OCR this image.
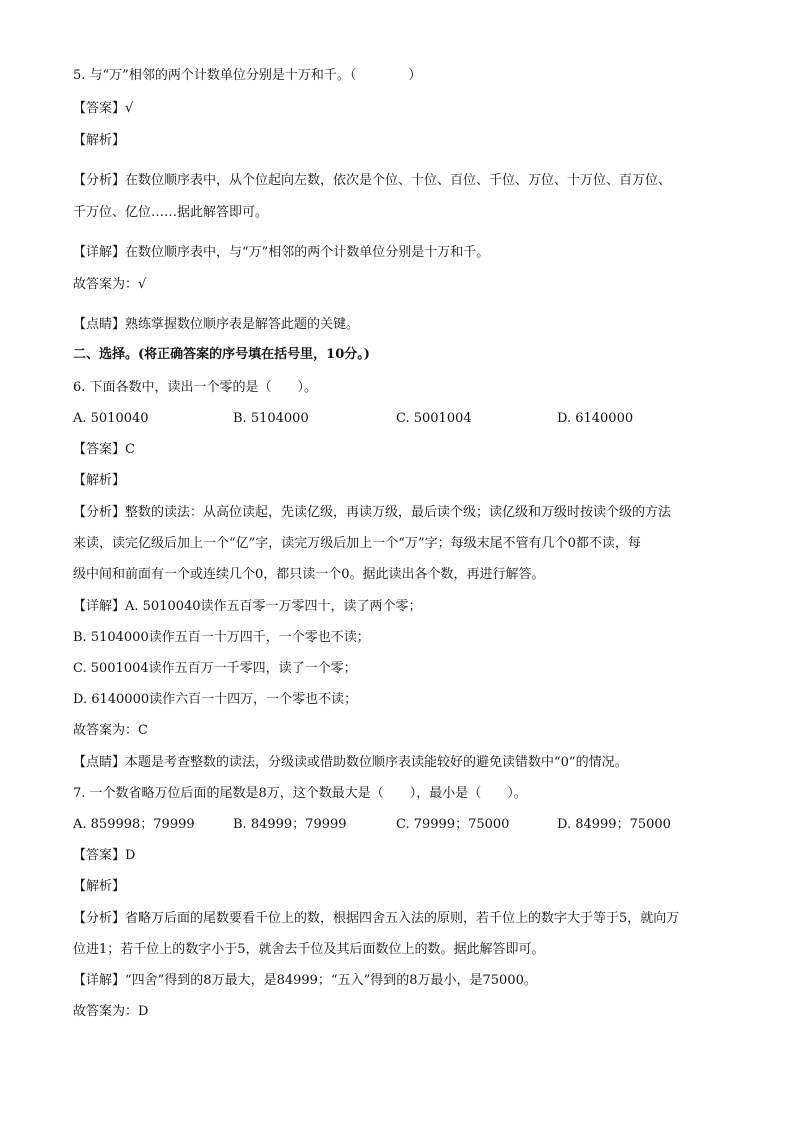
5. 与“万”相邻的两个计数单位分别是十万和千。（　　　　）
【答案】√
【解析】
【分析】在数位顺序表中，从个位起向左数，依次是个位、十位、百位、千位、万位、十万位、百万位、
千万位、亿位……据此解答即可。
【详解】在数位顺序表中，与“万”相邻的两个计数单位分别是十万和千。
故答案为：√
【点睛】熟练掌握数位顺序表是解答此题的关键。
二、选择。(将正确答案的序号填在括号里，10分。)
6. 下面各数中，读出一个零的是（　　）。
A. 5010040	B. 5104000	C. 5001004	D. 6140000
【答案】C
【解析】
【分析】整数的读法：从高位读起，先读亿级，再读万级，最后读个级；读亿级和万级时按读个级的方法
来读，读完亿级后加上一个“亿”字，读完万级后加上一个“万”字；每级末尾不管有几个0都不读，每
级中间和前面有一个或连续几个0，都只读一个0。据此读出各个数，再进行解答。
【详解】A. 5010040读作五百零一万零四十，读了两个零；
B. 5104000读作五百一十万四千，一个零也不读；
C. 5001004读作五百万一千零四，读了一个零；
D. 6140000读作六百一十四万，一个零也不读；
故答案为：C
【点睛】本题是考查整数的读法，分级读或借助数位顺序表读能较好的避免读错数中“0”的情况。
7. 一个数省略万位后面的尾数是8万，这个数最大是（　　），最小是（　　）。
A. 859998；79999	B. 84999；79999	C. 79999；75000	D. 84999；75000
【答案】D
【解析】
【分析】省略万后面的尾数要看千位上的数，根据四舍五入法的原则，若千位上的数字大于等于5，就向万
位进1；若千位上的数字小于5，就舍去千位及其后面数位上的数。据此解答即可。
【详解】“四舍”得到的8万最大，是84999；“五入”得到的8万最小，是75000。
故答案为：D
